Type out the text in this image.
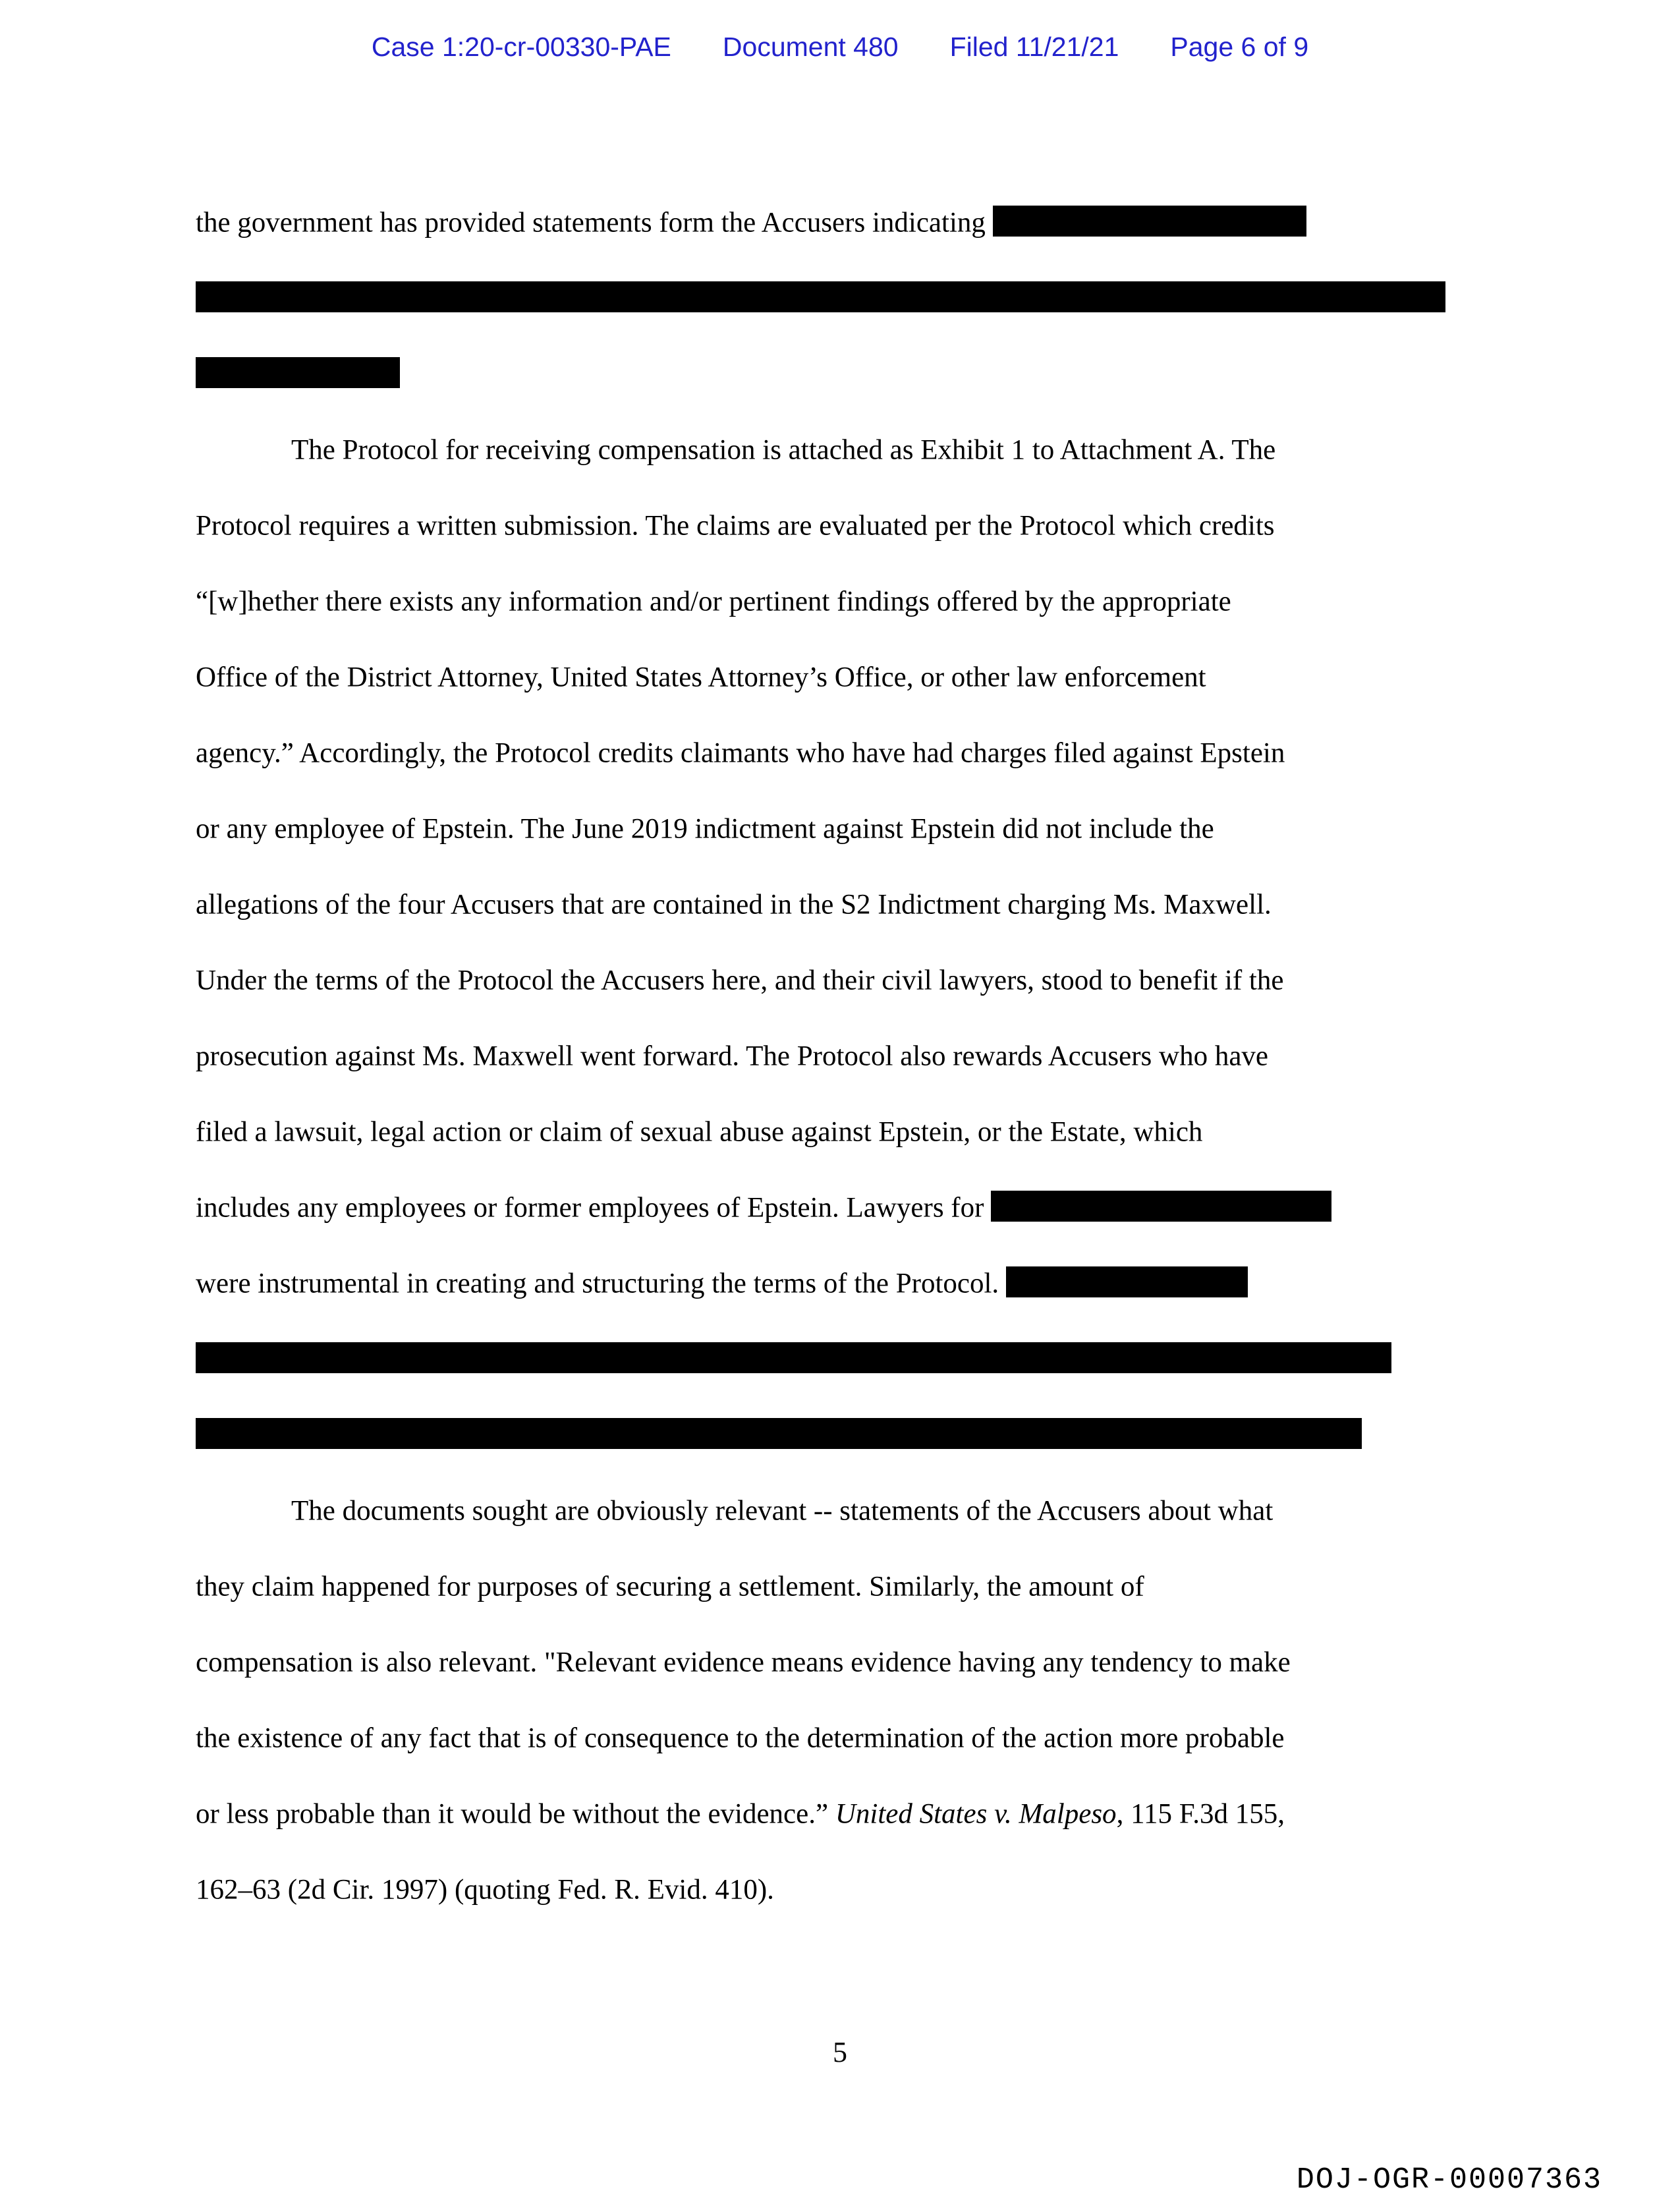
Case 1:20-cr-00330-PAE Document 480 Filed 11/21/21 Page 6 of 9
the government has provided statements form the Accusers indicating
The Protocol for receiving compensation is attached as Exhibit 1 to Attachment A. The
Protocol requires a written submission. The claims are evaluated per the Protocol which credits
“[w]hether there exists any information and/or pertinent findings offered by the appropriate
Office of the District Attorney, United States Attorney’s Office, or other law enforcement
agency.” Accordingly, the Protocol credits claimants who have had charges filed against Epstein
or any employee of Epstein. The June 2019 indictment against Epstein did not include the
allegations of the four Accusers that are contained in the S2 Indictment charging Ms. Maxwell.
Under the terms of the Protocol the Accusers here, and their civil lawyers, stood to benefit if the
prosecution against Ms. Maxwell went forward. The Protocol also rewards Accusers who have
filed a lawsuit, legal action or claim of sexual abuse against Epstein, or the Estate, which
includes any employees or former employees of Epstein. Lawyers for
were instrumental in creating and structuring the terms of the Protocol.
The documents sought are obviously relevant -- statements of the Accusers about what
they claim happened for purposes of securing a settlement. Similarly, the amount of
compensation is also relevant. "Relevant evidence means evidence having any tendency to make
the existence of any fact that is of consequence to the determination of the action more probable
or less probable than it would be without the evidence.” United States v. Malpeso, 115 F.3d 155,
162–63 (2d Cir. 1997) (quoting Fed. R. Evid. 410).
5
DOJ-OGR-00007363
